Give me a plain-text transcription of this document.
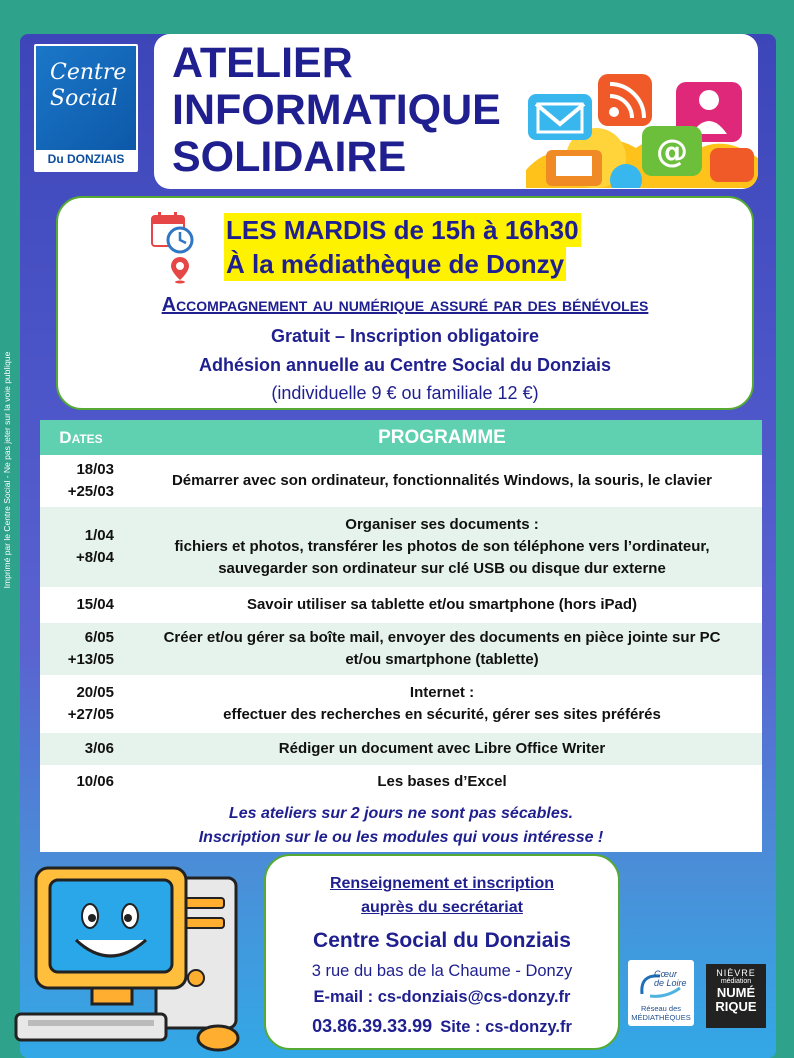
Imprimé par le Centre Social - Ne pas jeter sur la voie publique
Centre
Social
Du DONZIAIS
ATELIER
INFORMATIQUE
SOLIDAIRE	@
LES MARDIS de 15h à 16h30
À la médiathèque de Donzy
Accompagnement au numérique assuré par des bénévoles
Gratuit – Inscription obligatoire
Adhésion annuelle au Centre Social du Donziais
(individuelle 9 € ou familiale 12 €)
Dates	PROGRAMME
18/03
+25/03	Démarrer avec son ordinateur, fonctionnalités Windows, la souris, le clavier
1/04
+8/04	Organiser ses documents :
fichiers et photos, transférer les photos de son téléphone vers l’ordinateur,
sauvegarder son ordinateur sur clé USB ou disque dur externe
15/04	Savoir utiliser sa tablette et/ou smartphone (hors iPad)
6/05
+13/05	Créer et/ou gérer sa boîte mail, envoyer des documents en pièce jointe sur PC
et/ou smartphone (tablette)
20/05
+27/05	Internet :
effectuer des recherches en sécurité, gérer ses sites préférés
3/06	Rédiger un document avec Libre Office Writer
10/06	Les bases d’Excel
Les ateliers sur 2 jours ne sont pas sécables.
Inscription sur le ou les modules qui vous intéresse !	
Renseignement et inscription
auprès du secrétariat
Centre Social du Donziais
3 rue du bas de la Chaume - Donzy
E-mail : cs-donziais@cs-donzy.fr
03.86.39.33.99 Site : cs-donzy.fr
Cœur
de Loire
Réseau des
MÉDIATHÈQUES
NIÈVRE
médiation
NUMÉ
RIQUE
